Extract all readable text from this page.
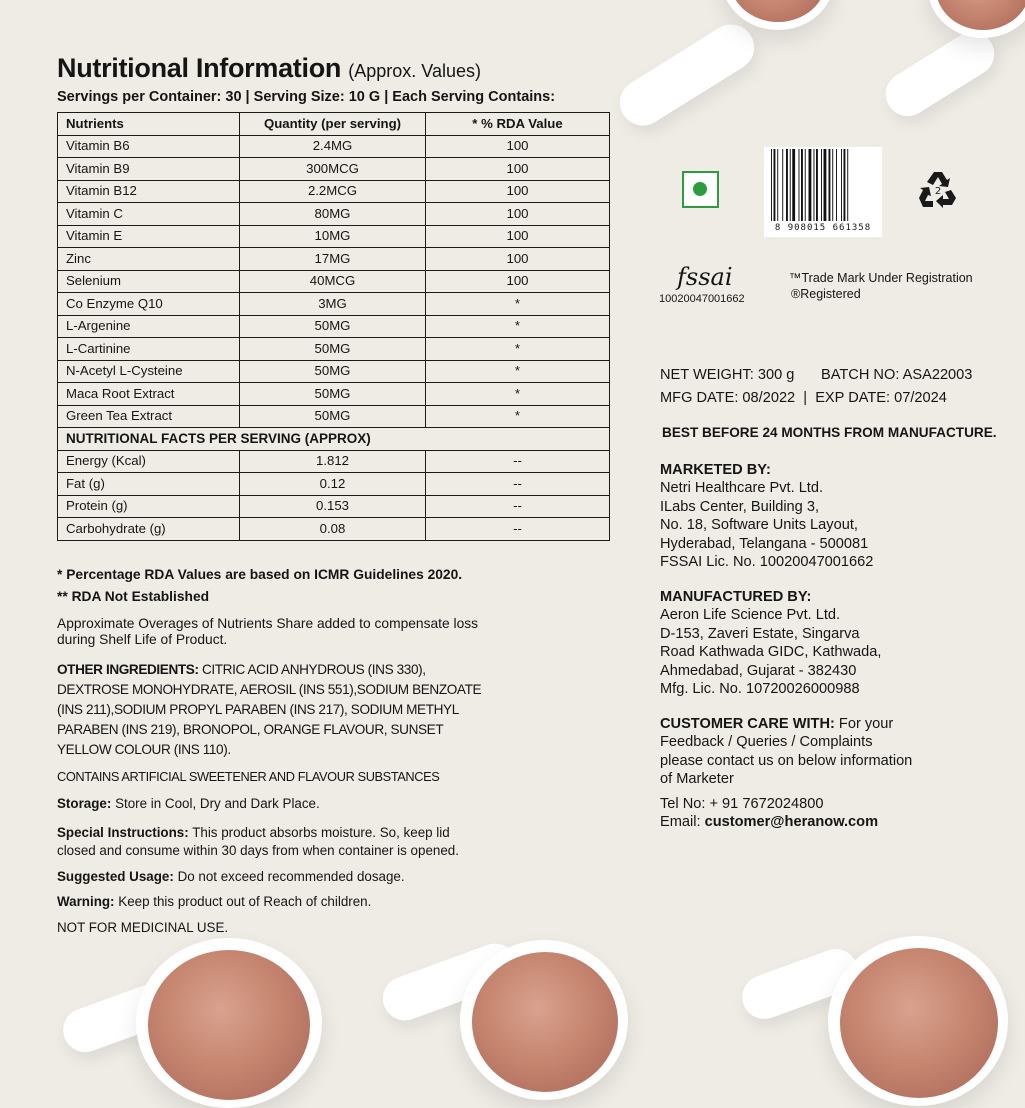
Nutritional Information (Approx. Values)
Servings per Container: 30 | Serving Size: 10 G | Each Serving Contains:
Nutrients	Quantity (per serving)	* % RDA Value
Vitamin B6	2.4MG	100
Vitamin B9	300MCG	100
Vitamin B12	2.2MCG	100
Vitamin C	80MG	100
Vitamin E	10MG	100
Zinc	17MG	100
Selenium	40MCG	100
Co Enzyme Q10	3MG	*
L-Argenine	50MG	*
L-Cartinine	50MG	*
N-Acetyl L-Cysteine	50MG	*
Maca Root Extract	50MG	*
Green Tea Extract	50MG	*
NUTRITIONAL FACTS PER SERVING (APPROX)		
Energy (Kcal)	1.812	--
Fat (g)	0.12	--
Protein (g)	0.153	--
Carbohydrate (g)	0.08	--
* Percentage RDA Values are based on ICMR Guidelines 2020.
** RDA Not Established
Approximate Overages of Nutrients Share added to compensate loss during Shelf Life of Product.
OTHER INGREDIENTS: CITRIC ACID ANHYDROUS (INS 330), DEXTROSE MONOHYDRATE, AEROSIL (INS 551),SODIUM BENZOATE (INS 211),SODIUM PROPYL PARABEN (INS 217), SODIUM METHYL PARABEN (INS 219), BRONOPOL, ORANGE FLAVOUR, SUNSET YELLOW COLOUR (INS 110).
CONTAINS ARTIFICIAL SWEETENER AND FLAVOUR SUBSTANCES
Storage: Store in Cool, Dry and Dark Place.
Special Instructions: This product absorbs moisture. So, keep lid closed and consume within 30 days from when container is opened.
Suggested Usage: Do not exceed recommended dosage.
Warning: Keep this product out of Reach of children.
NOT FOR MEDICINAL USE.
8 908015 661358
2
fssai
10020047001662
™Trade Mark Under Registration
®Registered
NET WEIGHT: 300 g BATCH NO: ASA22003
MFG DATE: 08/2022 | EXP DATE: 07/2024
BEST BEFORE 24 MONTHS FROM MANUFACTURE.
MARKETED BY:
Netri Healthcare Pvt. Ltd.
ILabs Center, Building 3,
No. 18, Software Units Layout,
Hyderabad, Telangana - 500081
FSSAI Lic. No. 10020047001662
MANUFACTURED BY:
Aeron Life Science Pvt. Ltd.
D-153, Zaveri Estate, Singarva
Road Kathwada GIDC, Kathwada,
Ahmedabad, Gujarat - 382430
Mfg. Lic. No. 10720026000988
CUSTOMER CARE WITH: For your
Feedback / Queries / Complaints
please contact us on below information
of Marketer
Tel No: + 91 7672024800
Email: customer@heranow.com
